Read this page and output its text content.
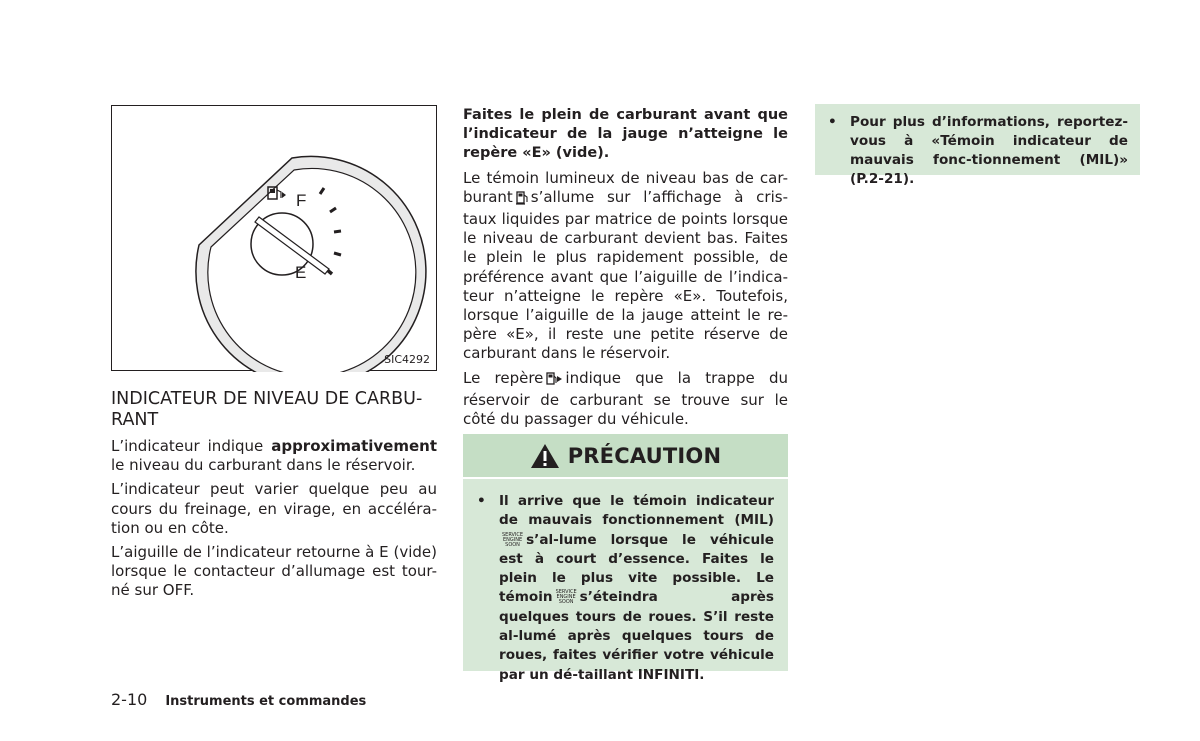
F
E
SIC4292
INDICATEUR DE NIVEAU DE CARBU-RANT

L’indicateur indique approximativement le niveau du carburant dans le réservoir.

L’indicateur peut varier quelque peu au cours du freinage, en virage, en accéléra-tion ou en côte.

L’aiguille de l’indicateur retourne à E (vide) lorsque le contacteur d’allumage est tour-né sur OFF.

Faites le plein de carburant avant que l’indicateur de la jauge n’atteigne le repère «E» (vide).

Le témoin lumineux de niveau bas de car-burant s’allume sur l’affichage à cris-taux liquides par matrice de points lorsque le niveau de carburant devient bas. Faites le plein le plus rapidement possible, de préférence avant que l’aiguille de l’indica-teur n’atteigne le repère «E». Toutefois, lorsque l’aiguille de la jauge atteint le re-père «E», il reste une petite réserve de carburant dans le réservoir.

Le repère indique que la trappe du réservoir de carburant se trouve sur le côté du passager du véhicule.

PRÉCAUTION
• Il arrive que le témoin indicateur de mauvais fonctionnement (MIL)SERVICE
ENGINE
SOON s’al-lume lorsque le véhicule est à court d’essence. Faites le plein le plus vite possible. Le témoin SERVICE
ENGINE
SOON s’éteindra après quelques tours de roues. S’il reste al-lumé après quelques tours de roues, faites vérifier votre véhicule par un dé-taillant INFINITI.
• Pour plus d’informations, reportez-vous à «Témoin indicateur de mauvais fonc-tionnement (MIL)» (P.2-21).
2-10 Instruments et commandes
